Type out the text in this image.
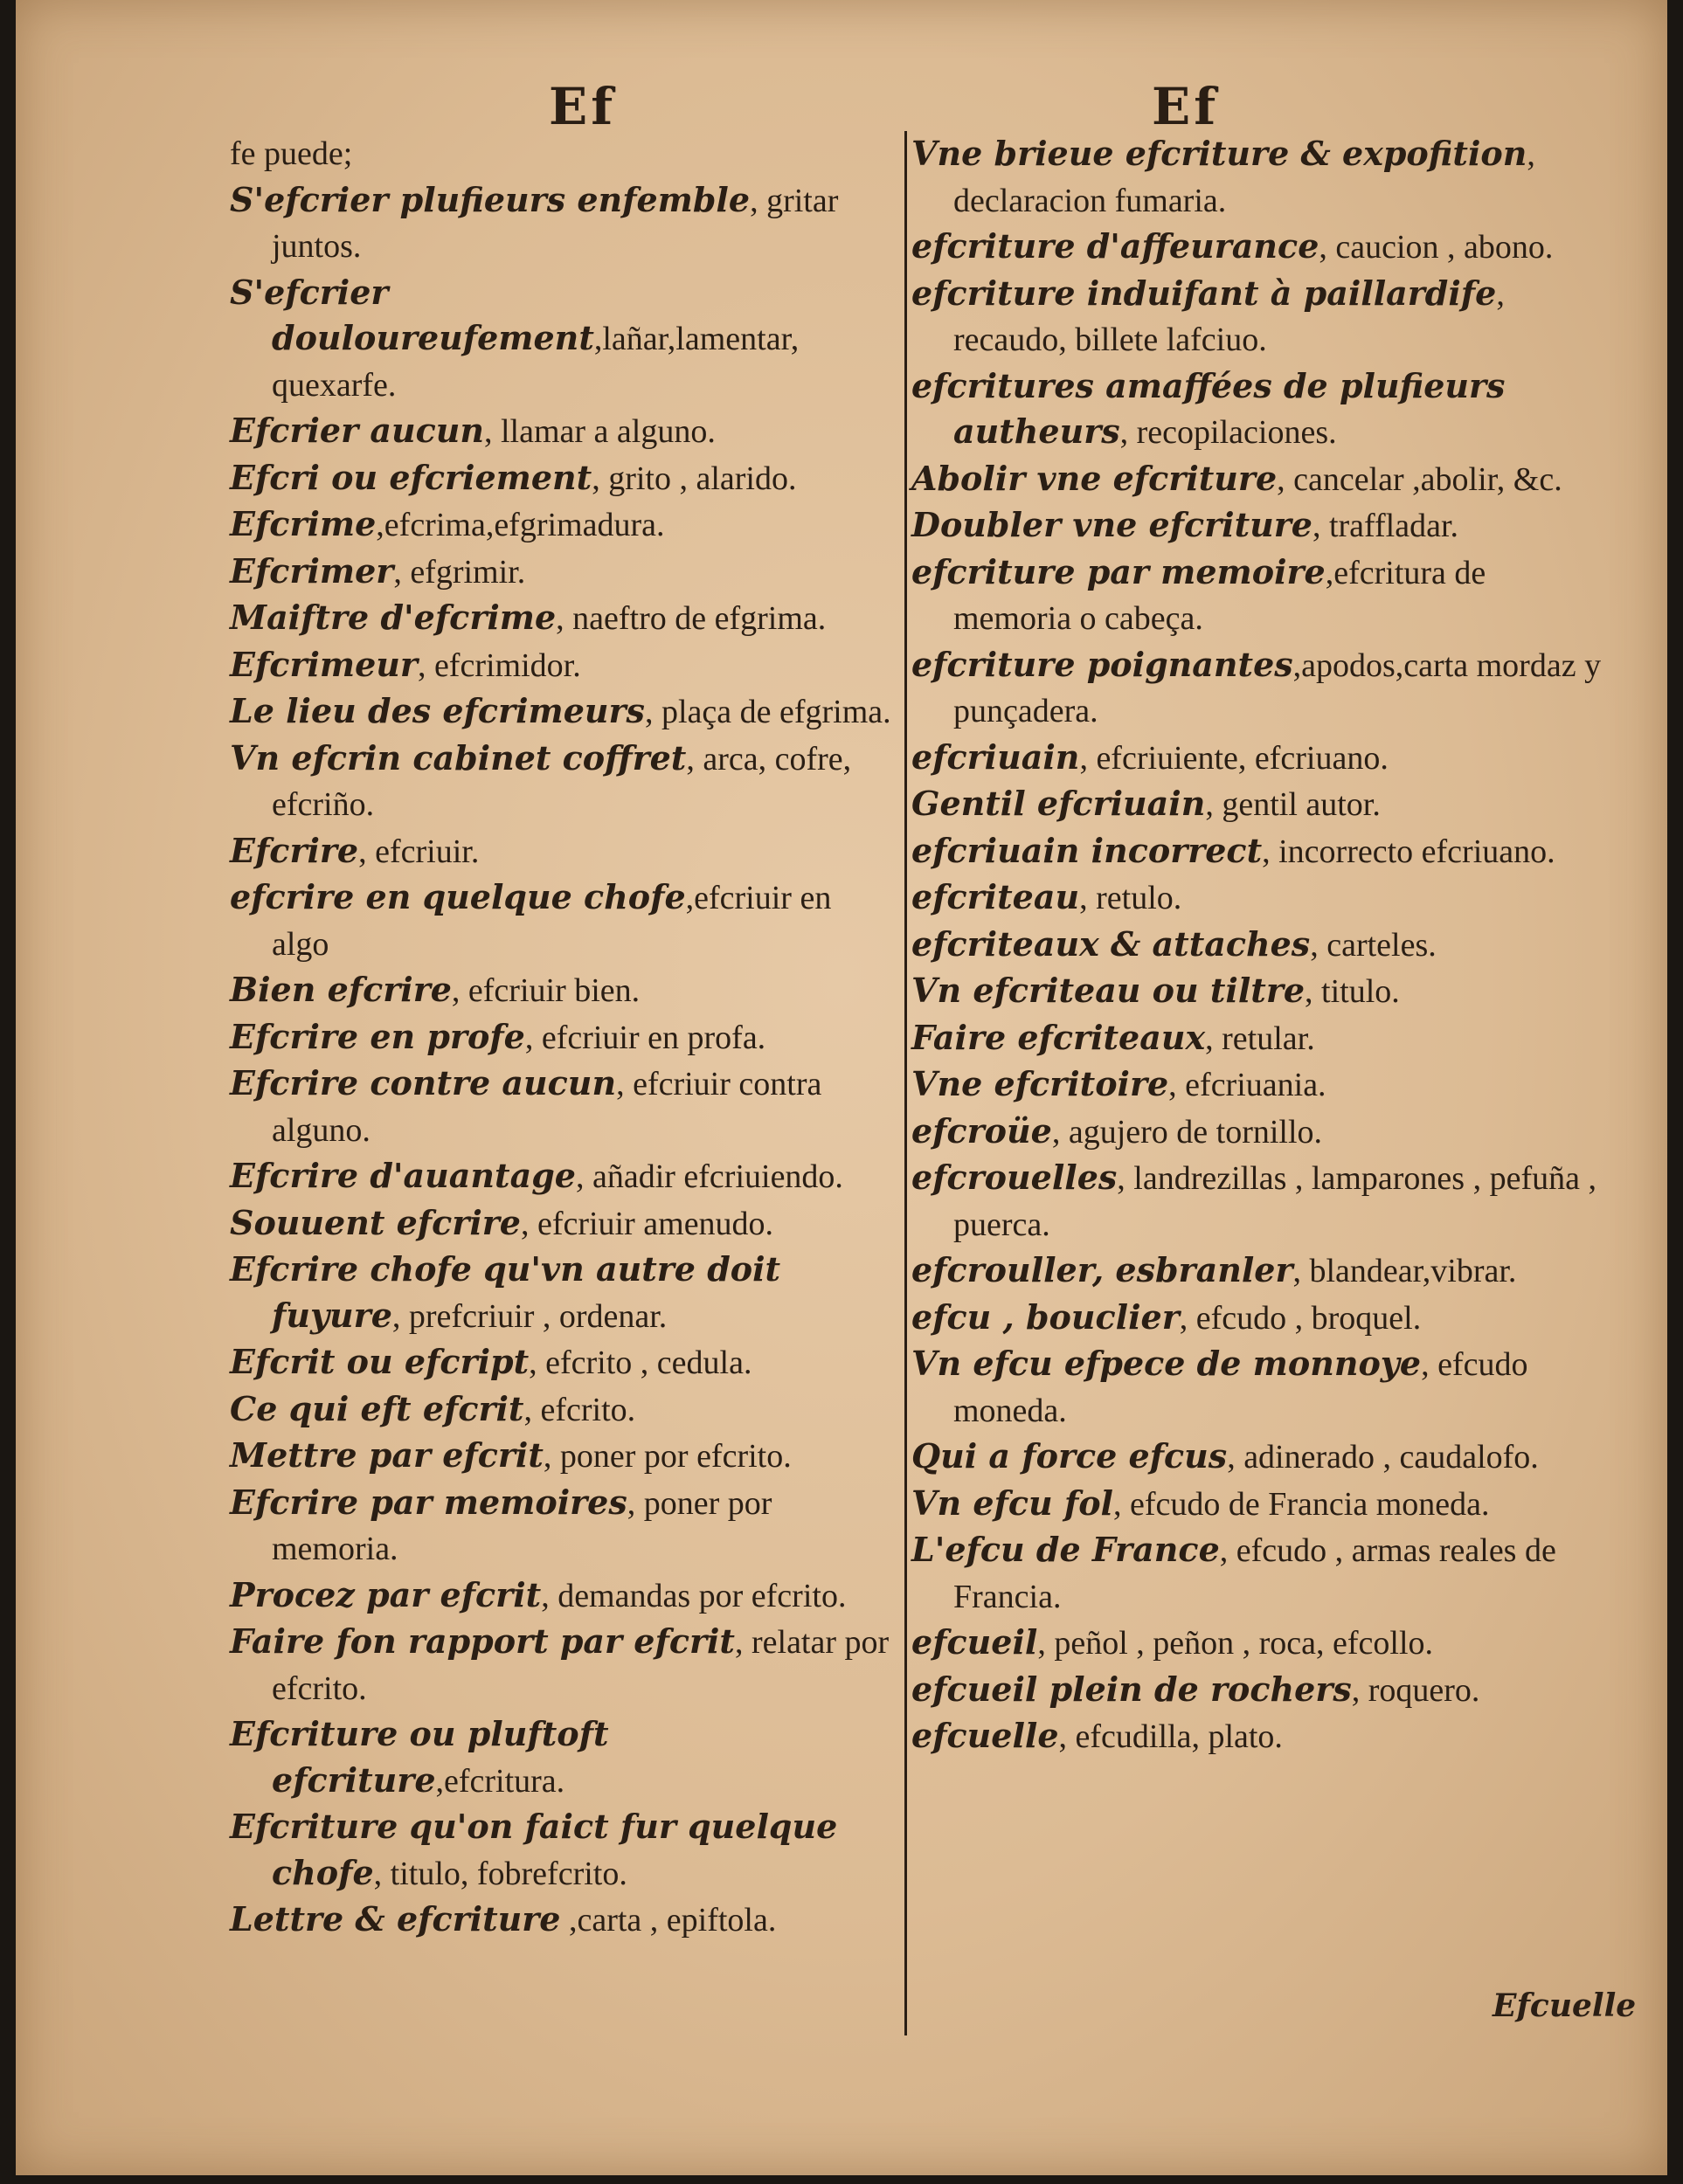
Ef	Ef

fe puede;

S'efcrier plufieurs enfemble, gritar juntos.

S'efcrier douloureufement,lañar,lamentar, quexarfe.

Efcrier aucun, llamar a alguno.

Efcri ou efcriement, grito , alarido.

Efcrime,efcrima,efgrimadura.

Efcrimer, efgrimir.

Maiftre d'efcrime, naeftro de efgrima.

Efcrimeur, efcrimidor.

Le lieu des efcrimeurs, plaça de efgrima.

Vn efcrin cabinet coffret, arca, cofre, efcriño.

Efcrire, efcriuir.

efcrire en quelque chofe,efcriuir en algo

Bien efcrire, efcriuir bien.

Efcrire en profe, efcriuir en profa.

Efcrire contre aucun, efcriuir contra alguno.

Efcrire d'auantage, añadir efcriuiendo.

Souuent efcrire, efcriuir amenudo.

Efcrire chofe qu'vn autre doit fuyure, prefcriuir , ordenar.

Efcrit ou efcript, efcrito , cedula.

Ce qui eft efcrit, efcrito.

Mettre par efcrit, poner por efcrito.

Efcrire par memoires, poner por memoria.

Procez par efcrit, demandas por efcrito.

Faire fon rapport par efcrit, relatar por efcrito.

Efcriture ou pluftoft efcriture,efcritura.

Efcriture qu'on faict fur quelque chofe, titulo, fobrefcrito.

Lettre & efcriture ,carta , epiftola.

Vne brieue efcriture & expofition, declaracion fumaria.

efcriture d'affeurance, caucion , abono.

efcriture induifant à paillardife, recaudo, billete lafciuo.

efcritures amaffées de plufieurs autheurs, recopilaciones.

Abolir vne efcriture, cancelar ,abolir, &c.

Doubler vne efcriture, traffladar.

efcriture par memoire,efcritura de memoria o cabeça.

efcriture poignantes,apodos,carta mordaz y punçadera.

efcriuain, efcriuiente, efcriuano.

Gentil efcriuain, gentil autor.

efcriuain incorrect, incorrecto efcriuano.

efcriteau, retulo.

efcriteaux & attaches, carteles.

Vn efcriteau ou tiltre, titulo.

Faire efcriteaux, retular.

Vne efcritoire, efcriuania.

efcroüe, agujero de tornillo.

efcrouelles, landrezillas , lamparones , pefuña , puerca.

efcrouller, esbranler, blandear,vibrar.

efcu , bouclier, efcudo , broquel.

Vn efcu efpece de monnoye, efcudo moneda.

Qui a force efcus, adinerado , caudalofo.

Vn efcu fol, efcudo de Francia moneda.

L'efcu de France, efcudo , armas reales de Francia.

efcueil, peñol , peñon , roca, efcollo.

efcueil plein de rochers, roquero.

efcuelle, efcudilla, plato.

Efcuelle
